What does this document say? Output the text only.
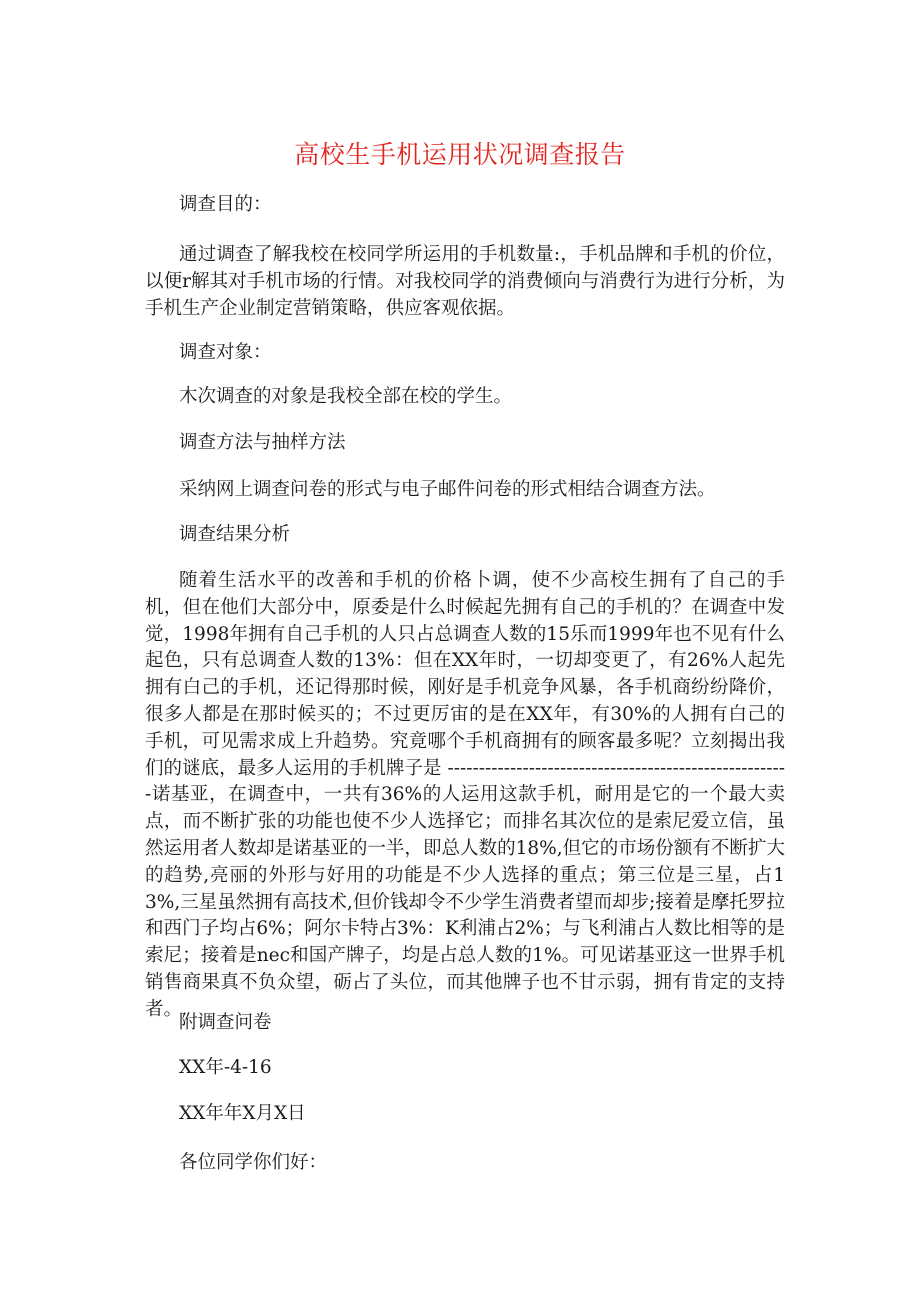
高校生手机运用状况调查报告

调查目的：

通过调查了解我校在校同学所运用的手机数量:，手机品牌和手机的价位，以便r解其对手机市场的行情。对我校同学的消费倾向与消费行为进行分析，为手机生产企业制定营销策略，供应客观依据。

调查对象：

木次调查的对象是我校全部在校的学生。

调查方法与抽样方法

采纳网上调查问卷的形式与电子邮件问卷的形式相结合调查方法。

调查结果分析

随着生活水平的改善和手机的价格卜调，使不少高校生拥有了自己的手机，但在他们大部分中，原委是什么时候起先拥有自己的手机的？在调查中发觉，1998年拥有自己手机的人只占总调查人数的15乐而1999年也不见有什么起色，只有总调查人数的13%：但在XX年时，一切却变更了，有26%人起先拥有白己的手机，还记得那时候，刚好是手机竞争风暴，各手机商纷纷降价，很多人都是在那时候买的；不过更厉宙的是在XX年，有30%的人拥有白己的手机，可见需求成上升趋势。究竟哪个手机商拥有的顾客最多呢？立刻揭出我们的谜底，最多人运用的手机牌子是 -------------------------------------------------------诺基亚，在调查中，一共有36%的人运用这款手机，耐用是它的一个最大卖点，而不断扩张的功能也使不少人选择它；而排名其次位的是索尼爱立信，虽然运用者人数却是诺基亚的一半，即总人数的18%,但它的市场份额有不断扩大的趋势,亮丽的外形与好用的功能是不少人选择的重点；第三位是三星，占13%,三星虽然拥有高技术,但价钱却令不少学生消费者望而却步;接着是摩托罗拉和西门子均占6%；阿尔卡特占3%：K利浦占2%；与飞利浦占人数比相等的是索尼；接着是nec和国产牌子，均是占总人数的1%。可见诺基亚这一世界手机销售商果真不负众望，砺占了头位，而其他牌子也不甘示弱，拥有肯定的支持者。

附调查问卷

XX年-4-16

XX年年X月X日

各位同学你们好：
